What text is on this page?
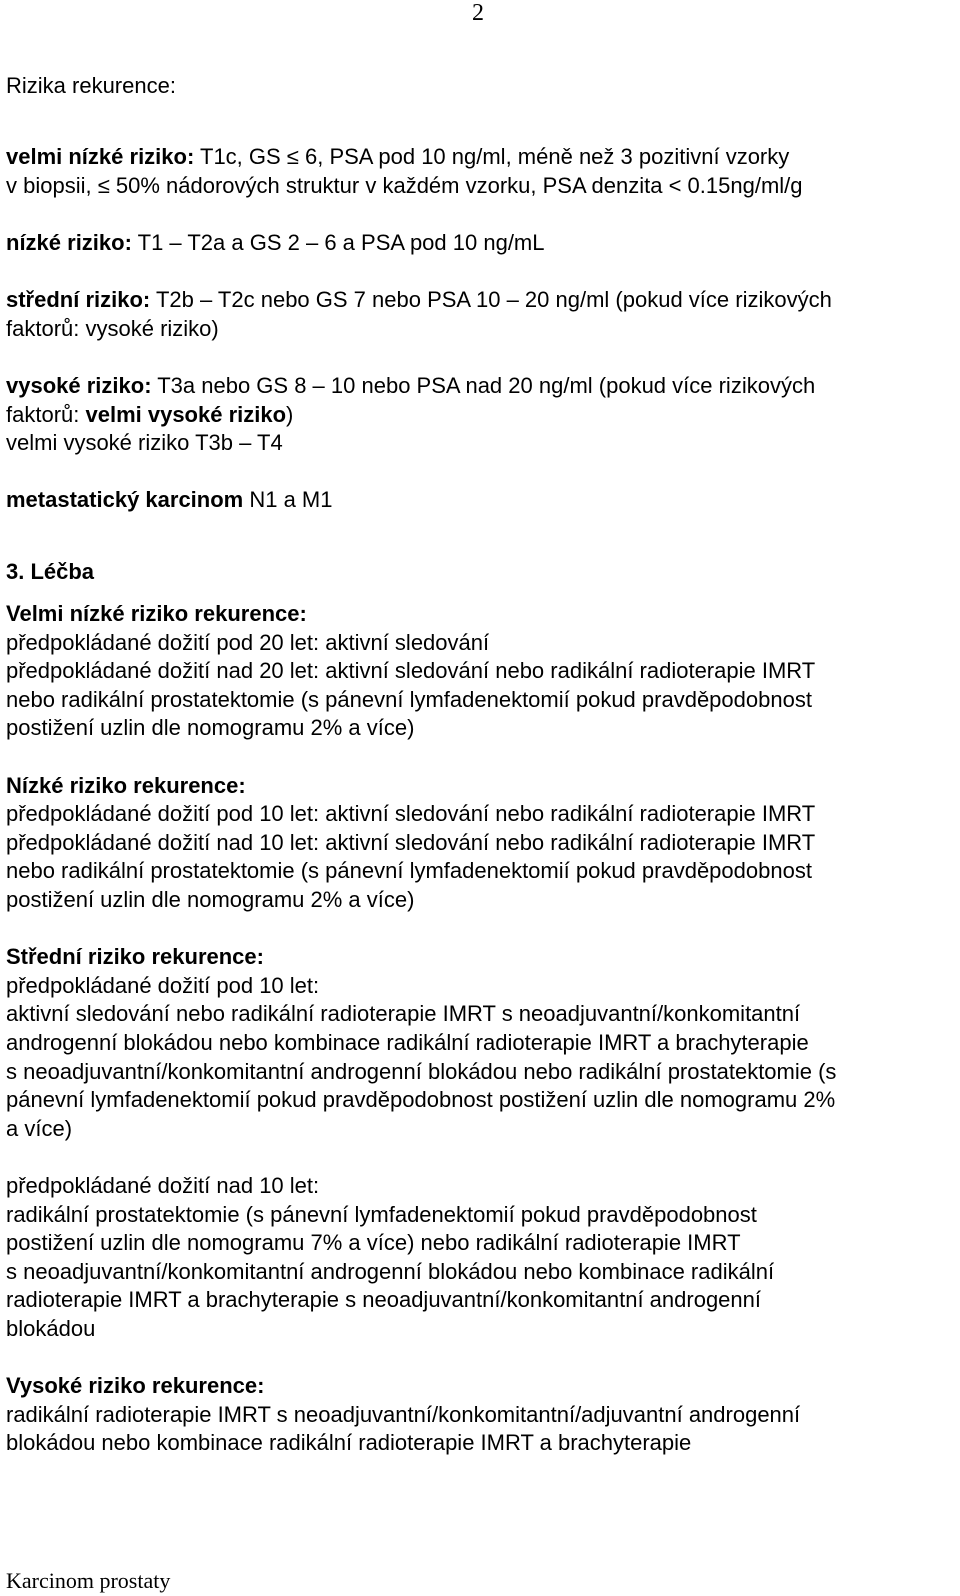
2
Rizika rekurence:
velmi nízké riziko: T1c, GS ≤ 6, PSA pod 10 ng/ml, méně než 3 pozitivní vzorky
v biopsii, ≤ 50% nádorových struktur v každém vzorku, PSA denzita < 0.15ng/ml/g
nízké riziko: T1 – T2a a GS 2 – 6 a PSA pod 10 ng/mL
střední riziko: T2b – T2c nebo GS 7 nebo PSA 10 – 20 ng/ml (pokud více rizikových
faktorů: vysoké riziko)
vysoké riziko: T3a nebo GS 8 – 10 nebo PSA nad 20 ng/ml (pokud více rizikových
faktorů: velmi vysoké riziko)
velmi vysoké riziko T3b – T4
metastatický karcinom N1 a M1
3. Léčba
Velmi nízké riziko rekurence:
předpokládané dožití pod 20 let: aktivní sledování
předpokládané dožití nad 20 let: aktivní sledování nebo radikální radioterapie IMRT
nebo radikální prostatektomie (s pánevní lymfadenektomií pokud pravděpodobnost
postižení uzlin dle nomogramu 2% a více)
Nízké riziko rekurence:
předpokládané dožití pod 10 let: aktivní sledování nebo radikální radioterapie IMRT
předpokládané dožití nad 10 let: aktivní sledování nebo radikální radioterapie IMRT
nebo radikální prostatektomie (s pánevní lymfadenektomií pokud pravděpodobnost
postižení uzlin dle nomogramu 2% a více)
Střední riziko rekurence:
předpokládané dožití pod 10 let:
aktivní sledování nebo radikální radioterapie IMRT s neoadjuvantní/konkomitantní
androgenní blokádou nebo kombinace radikální radioterapie IMRT a brachyterapie
s neoadjuvantní/konkomitantní androgenní blokádou nebo radikální prostatektomie (s
pánevní lymfadenektomií pokud pravděpodobnost postižení uzlin dle nomogramu 2%
a více)
předpokládané dožití nad 10 let:
radikální prostatektomie (s pánevní lymfadenektomií pokud pravděpodobnost
postižení uzlin dle nomogramu 7% a více) nebo radikální radioterapie IMRT
s neoadjuvantní/konkomitantní androgenní blokádou nebo kombinace radikální
radioterapie IMRT a brachyterapie s neoadjuvantní/konkomitantní androgenní
blokádou
Vysoké riziko rekurence:
radikální radioterapie IMRT s neoadjuvantní/konkomitantní/adjuvantní androgenní
blokádou nebo kombinace radikální radioterapie IMRT a brachyterapie
Karcinom prostaty
